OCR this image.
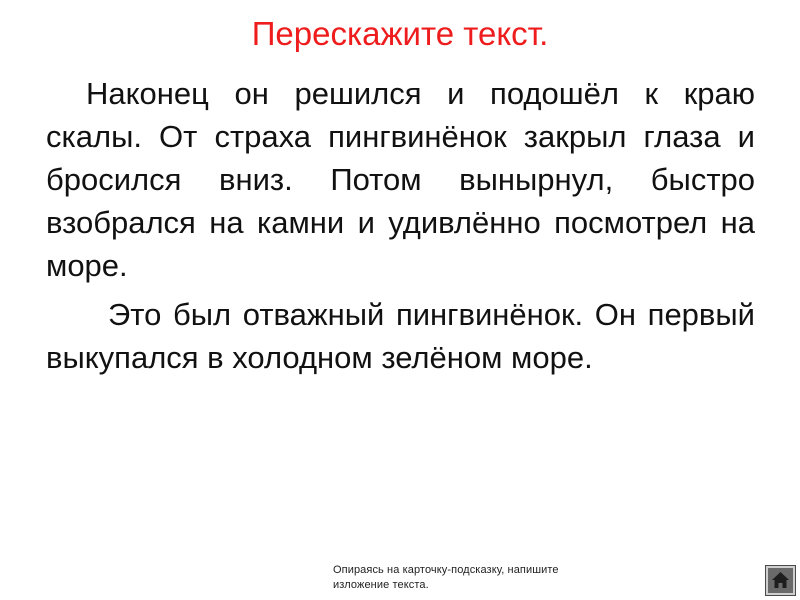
Перескажите текст.

Наконец он решился и подошёл к краю скалы. От страха пингвинёнок закрыл глаза и бросился вниз. Потом вынырнул, быстро взобрался на камни и удивлённо посмотрел на море.

Это был отважный пингвинёнок. Он первый выкупался в холодном зелёном море.

Опираясь на карточку-подсказку, напишите
изложение текста.
